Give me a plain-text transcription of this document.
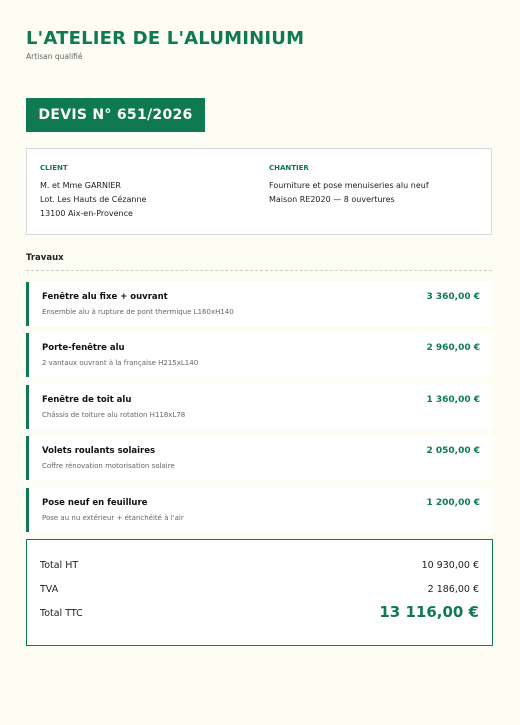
L'ATELIER DE L'ALUMINIUM
Artisan qualifié
DEVIS N° 651/2026
CLIENT
M. et Mme GARNIER
Lot. Les Hauts de Cézanne
13100 Aix-en-Provence
CHANTIER
Fourniture et pose menuiseries alu neuf
Maison RE2020 — 8 ouvertures
Travaux
Fenêtre alu fixe + ouvrant
Ensemble alu à rupture de pont thermique L160xH140
3 360,00 €
Porte-fenêtre alu
2 vantaux ouvrant à la française H215xL140
2 960,00 €
Fenêtre de toit alu
Châssis de toiture alu rotation H118xL78
1 360,00 €
Volets roulants solaires
Coffre rénovation motorisation solaire
2 050,00 €
Pose neuf en feuillure
Pose au nu extérieur + étanchéité à l'air
1 200,00 €
Total HT	10 930,00 €
TVA	2 186,00 €
Total TTC	13 116,00 €
